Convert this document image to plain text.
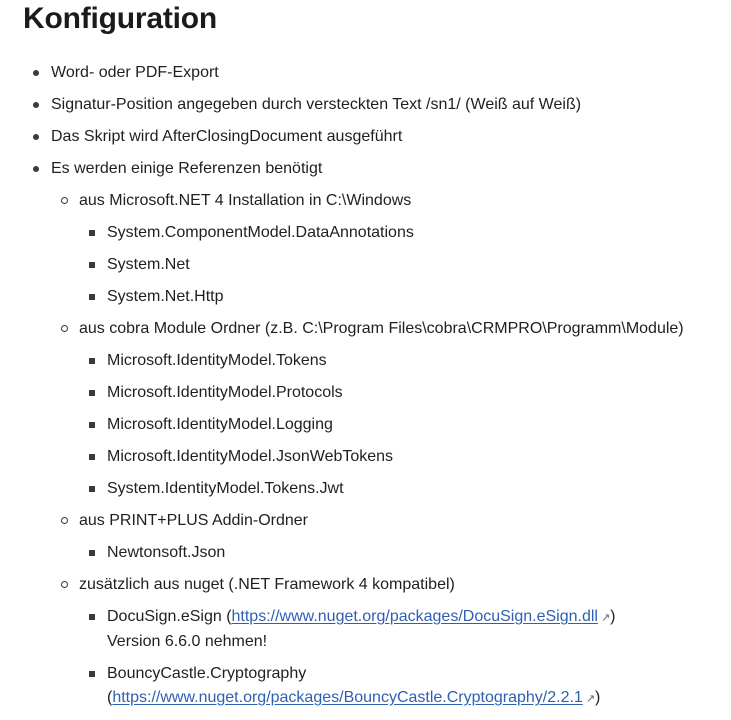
Konfiguration
Word- oder PDF-Export
Signatur-Position angegeben durch versteckten Text /sn1/ (Weiß auf Weiß)
Das Skript wird AfterClosingDocument ausgeführt
Es werden einige Referenzen benötigt
aus Microsoft.NET 4 Installation in C:\Windows
System.ComponentModel.DataAnnotations
System.Net
System.Net.Http
aus cobra Module Ordner (z.B. C:\Program Files\cobra\CRMPRO\Programm\Module)
Microsoft.IdentityModel.Tokens
Microsoft.IdentityModel.Protocols
Microsoft.IdentityModel.Logging
Microsoft.IdentityModel.JsonWebTokens
System.IdentityModel.Tokens.Jwt
aus PRINT+PLUS Addin-Ordner
Newtonsoft.Json
zusätzlich aus nuget (.NET Framework 4 kompatibel)
DocuSign.eSign (https://www.nuget.org/packages/DocuSign.eSign.dll ↗)
Version 6.6.0 nehmen!
BouncyCastle.Cryptography
(https://www.nuget.org/packages/BouncyCastle.Cryptography/2.2.1 ↗)
